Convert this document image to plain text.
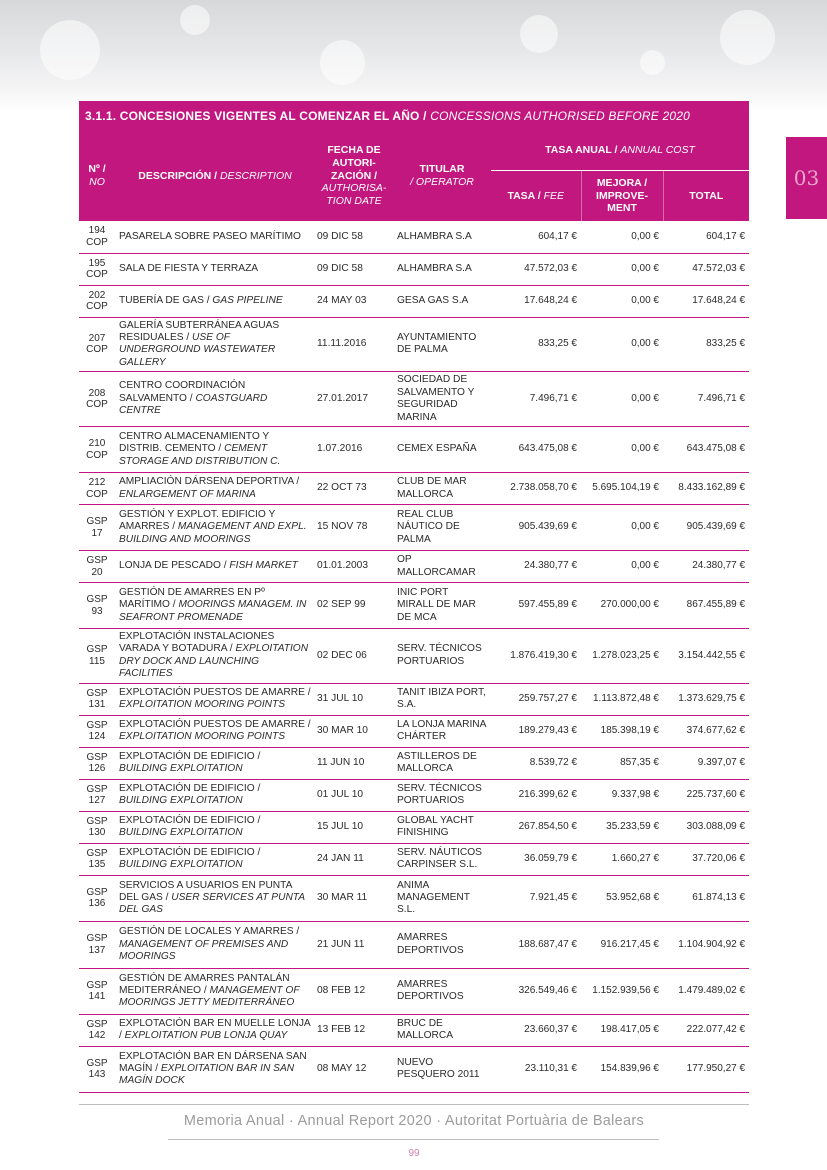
03
3.1.1. CONCESIONES VIGENTES AL COMENZAR EL AÑO /
CONCESSIONS AUTHORISED BEFORE 2020
Nº /
NO	DESCRIPCIÓN / DESCRIPTION	FECHA DE AUTORI-ZACIÓN /
AUTHORISA-TION DATE	TITULAR
/ OPERATOR	TASA ANUAL / ANNUAL COST		
				TASA / FEE	MEJORA / IMPROVE-MENT	TOTAL
194
COP	PASARELA SOBRE PASEO MARÍTIMO	09 DIC 58	ALHAMBRA S.A	604,17 €	0,00 €	604,17 €
195
COP	SALA DE FIESTA Y TERRAZA	09 DIC 58	ALHAMBRA S.A	47.572,03 €	0,00 €	47.572,03 €
202
COP	TUBERÍA DE GAS / GAS PIPELINE	24 MAY 03	GESA GAS S.A	17.648,24 €	0,00 €	17.648,24 €
207
COP	GALERÍA SUBTERRÁNEA AGUAS RESIDUALES / USE OF UNDERGROUND WASTEWATER GALLERY	11.11.2016	AYUNTAMIENTO DE PALMA	833,25 €	0,00 €	833,25 €
208
COP	CENTRO COORDINACIÓN SALVAMENTO / COASTGUARD CENTRE	27.01.2017	SOCIEDAD DE SALVAMENTO Y SEGURIDAD MARINA	7.496,71 €	0,00 €	7.496,71 €
210
COP	CENTRO ALMACENAMIENTO Y DISTRIB. CEMENTO / CEMENT STORAGE AND DISTRIBUTION C.	1.07.2016	CEMEX ESPAÑA	643.475,08 €	0,00 €	643.475,08 €
212
COP	AMPLIACIÓN DÁRSENA DEPORTIVA / ENLARGEMENT OF MARINA	22 OCT 73	CLUB DE MAR MALLORCA	2.738.058,70 €	5.695.104,19 €	8.433.162,89 €
GSP
17	GESTIÓN Y EXPLOT. EDIFICIO Y AMARRES / MANAGEMENT AND EXPL. BUILDING AND MOORINGS	15 NOV 78	REAL CLUB NÁUTICO DE PALMA	905.439,69 €	0,00 €	905.439,69 €
GSP
20	LONJA DE PESCADO / FISH MARKET	01.01.2003	OP MALLORCAMAR	24.380,77 €	0,00 €	24.380,77 €
GSP
93	GESTIÓN DE AMARRES EN Pº MARÍTIMO / MOORINGS MANAGEM. IN SEAFRONT PROMENADE	02 SEP 99	INIC PORT MIRALL DE MAR DE MCA	597.455,89 €	270.000,00 €	867.455,89 €
GSP
115	EXPLOTACIÓN INSTALACIONES VARADA Y BOTADURA / EXPLOITATION DRY DOCK AND LAUNCHING FACILITIES	02 DEC 06	SERV. TÉCNICOS PORTUARIOS	1.876.419,30 €	1.278.023,25 €	3.154.442,55 €
GSP
131	EXPLOTACIÓN PUESTOS DE AMARRE / EXPLOITATION MOORING POINTS	31 JUL 10	TANIT IBIZA PORT, S.A.	259.757,27 €	1.113.872,48 €	1.373.629,75 €
GSP
124	EXPLOTACIÓN PUESTOS DE AMARRE / EXPLOITATION MOORING POINTS	30 MAR 10	LA LONJA MARINA CHÁRTER	189.279,43 €	185.398,19 €	374.677,62 €
GSP
126	EXPLOTACIÓN DE EDIFICIO / BUILDING EXPLOITATION	11 JUN 10	ASTILLEROS DE MALLORCA	8.539,72 €	857,35 €	9.397,07 €
GSP
127	EXPLOTACIÓN DE EDIFICIO / BUILDING EXPLOITATION	01 JUL 10	SERV. TÉCNICOS PORTUARIOS	216.399,62 €	9.337,98 €	225.737,60 €
GSP
130	EXPLOTACIÓN DE EDIFICIO / BUILDING EXPLOITATION	15 JUL 10	GLOBAL YACHT FINISHING	267.854,50 €	35.233,59 €	303.088,09 €
GSP
135	EXPLOTACIÓN DE EDIFICIO / BUILDING EXPLOITATION	24 JAN 11	SERV. NÁUTICOS CARPINSER S.L.	36.059,79 €	1.660,27 €	37.720,06 €
GSP
136	SERVICIOS A USUARIOS EN PUNTA DEL GAS / USER SERVICES AT PUNTA DEL GAS	30 MAR 11	ANIMA MANAGEMENT S.L.	7.921,45 €	53.952,68 €	61.874,13 €
GSP
137	GESTIÓN DE LOCALES Y AMARRES / MANAGEMENT OF PREMISES AND MOORINGS	21 JUN 11	AMARRES DEPORTIVOS	188.687,47 €	916.217,45 €	1.104.904,92 €
GSP
141	GESTIÓN DE AMARRES PANTALÁN MEDITERRÁNEO / MANAGEMENT OF MOORINGS JETTY MEDITERRÁNEO	08 FEB 12	AMARRES DEPORTIVOS	326.549,46 €	1.152.939,56 €	1.479.489,02 €
GSP
142	EXPLOTACIÓN BAR EN MUELLE LONJA / EXPLOITATION PUB LONJA QUAY	13 FEB 12	BRUC DE MALLORCA	23.660,37 €	198.417,05 €	222.077,42 €
GSP
143	EXPLOTACIÓN BAR EN DÁRSENA SAN MAGÍN / EXPLOITATION BAR IN SAN MAGÍN DOCK	08 MAY 12	NUEVO PESQUERO 2011	23.110,31 €	154.839,96 €	177.950,27 €
Memoria Anual · Annual Report 2020 · Autoritat Portuària de Balears
99
